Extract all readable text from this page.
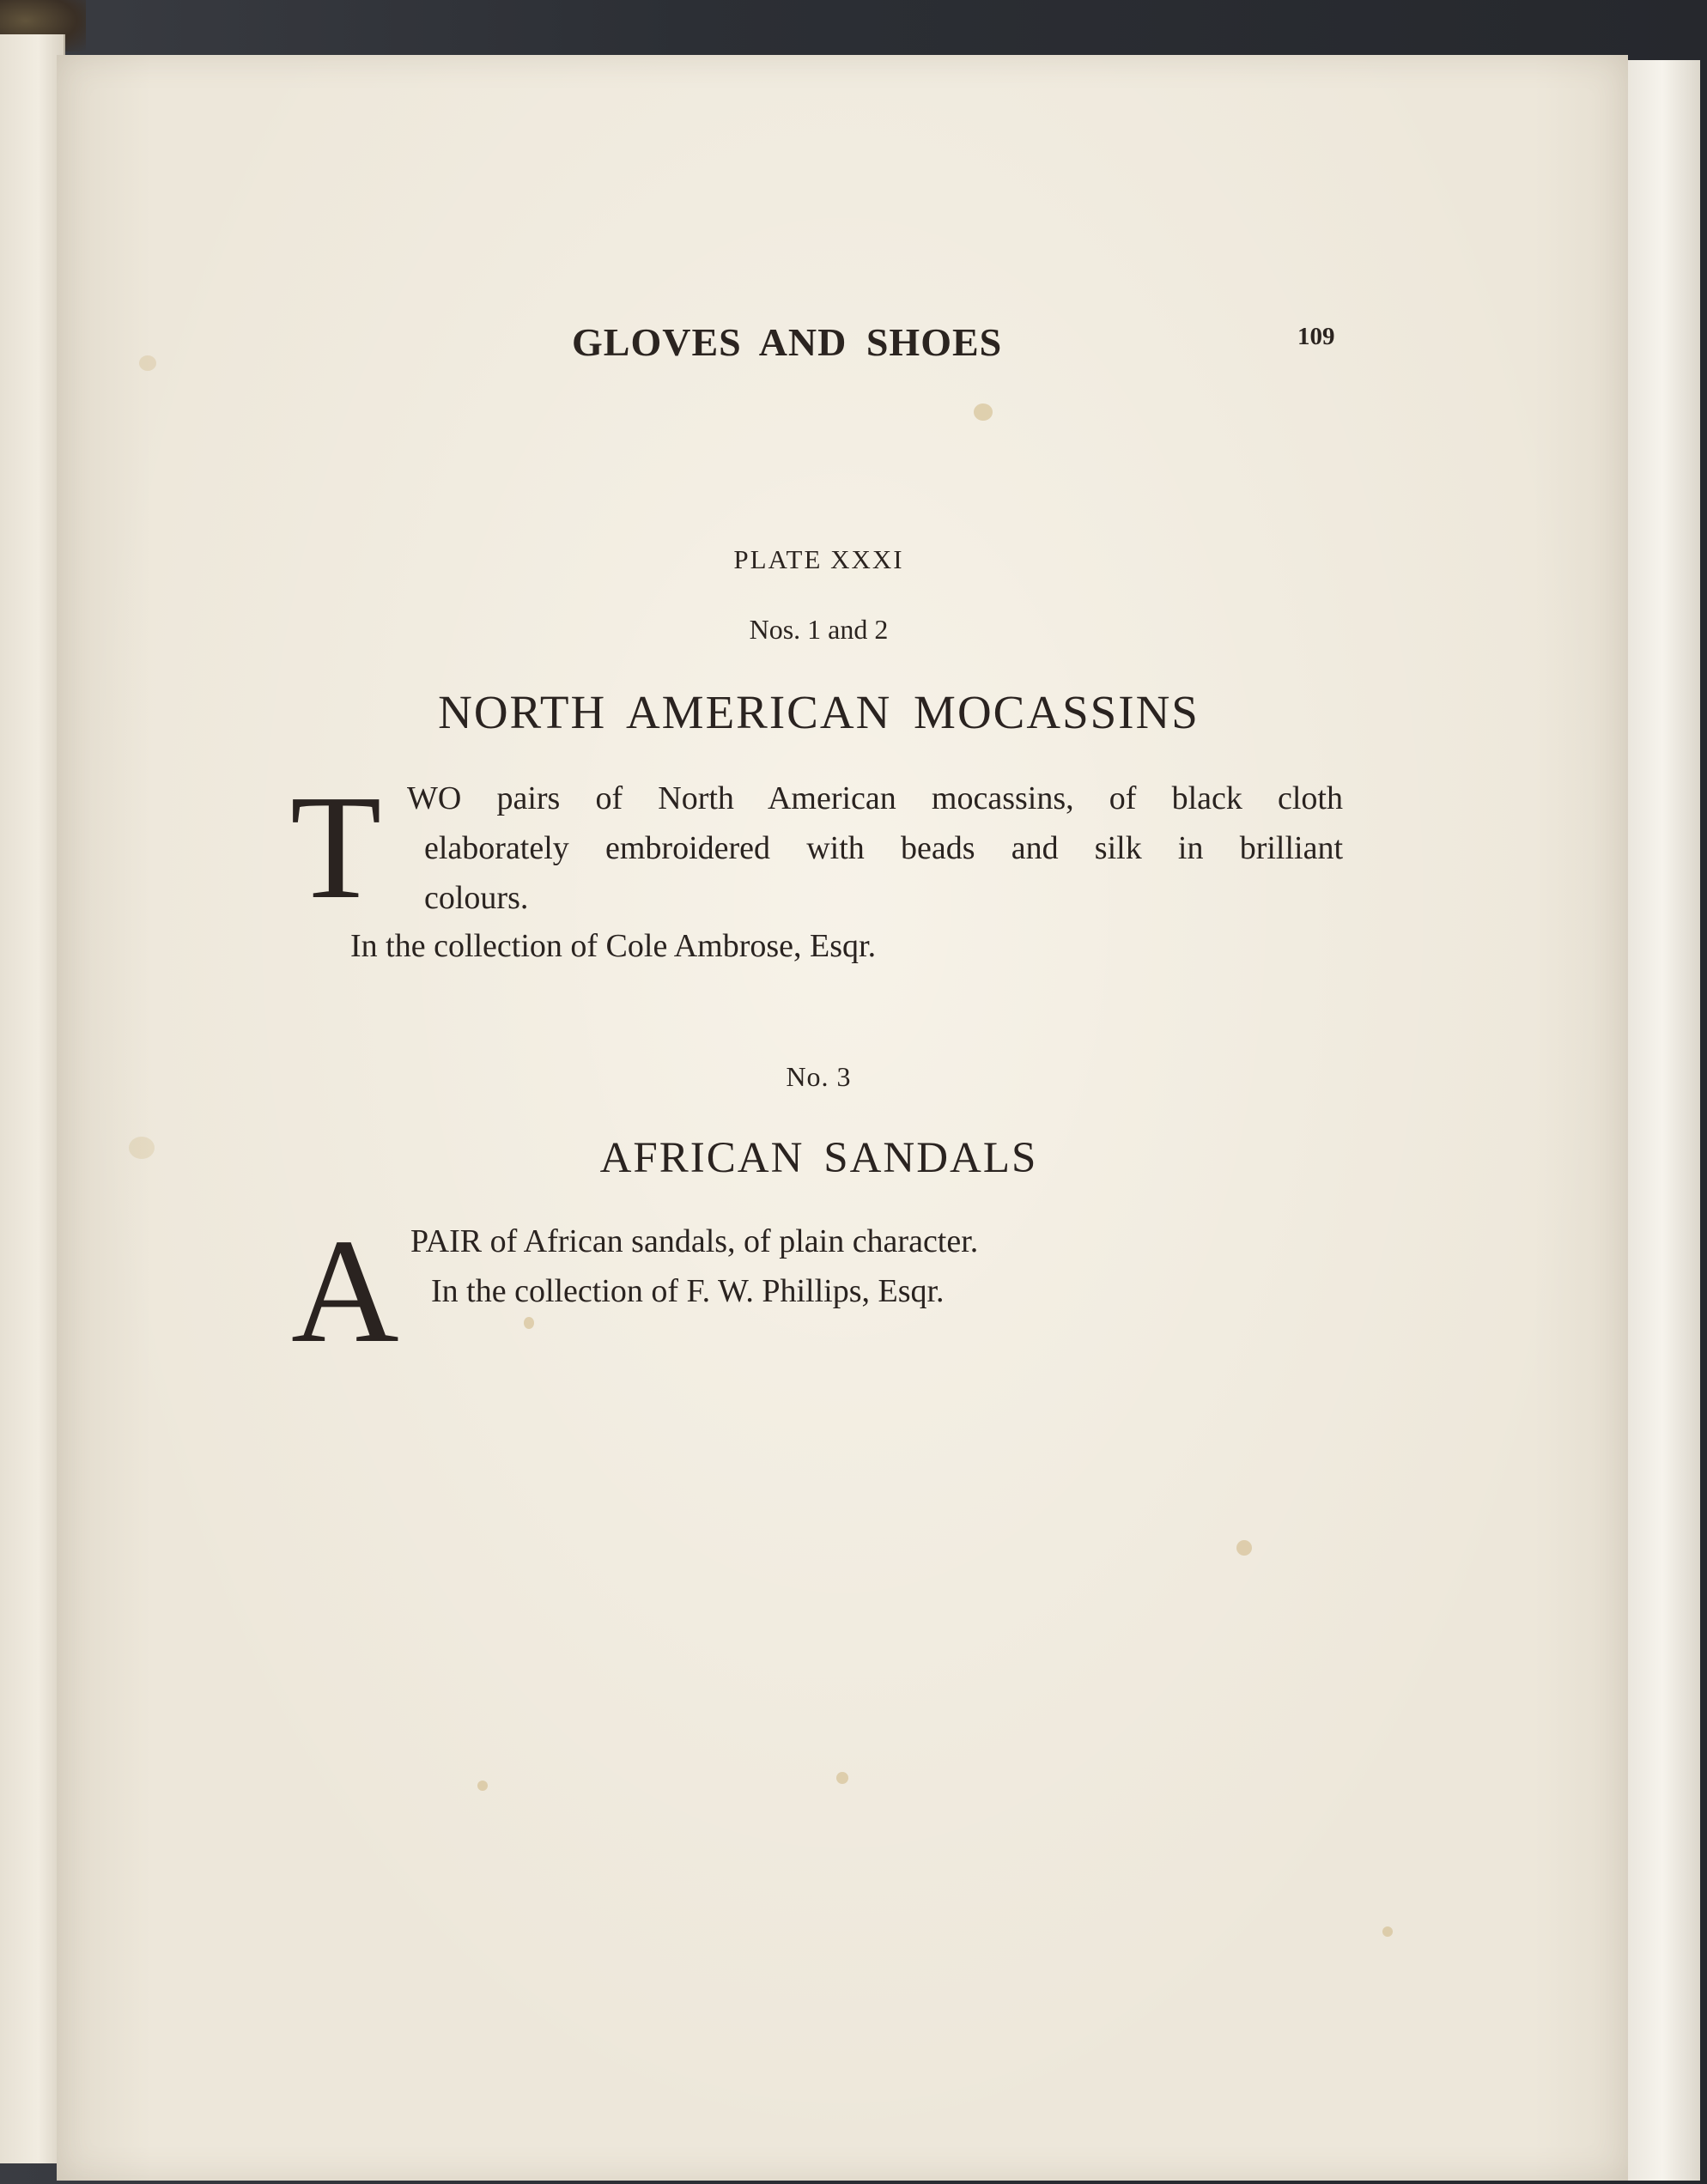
GLOVES AND SHOES	109
PLATE XXXI
Nos. 1 and 2
NORTH AMERICAN MOCASSINS
T WO pairs of North American mocassins, of black cloth
elaborately embroidered with beads and silk in brilliant
colours.
In the collection of Cole Ambrose, Esqr.
No. 3
AFRICAN SANDALS
A PAIR of African sandals, of plain character.
In the collection of F. W. Phillips, Esqr.
